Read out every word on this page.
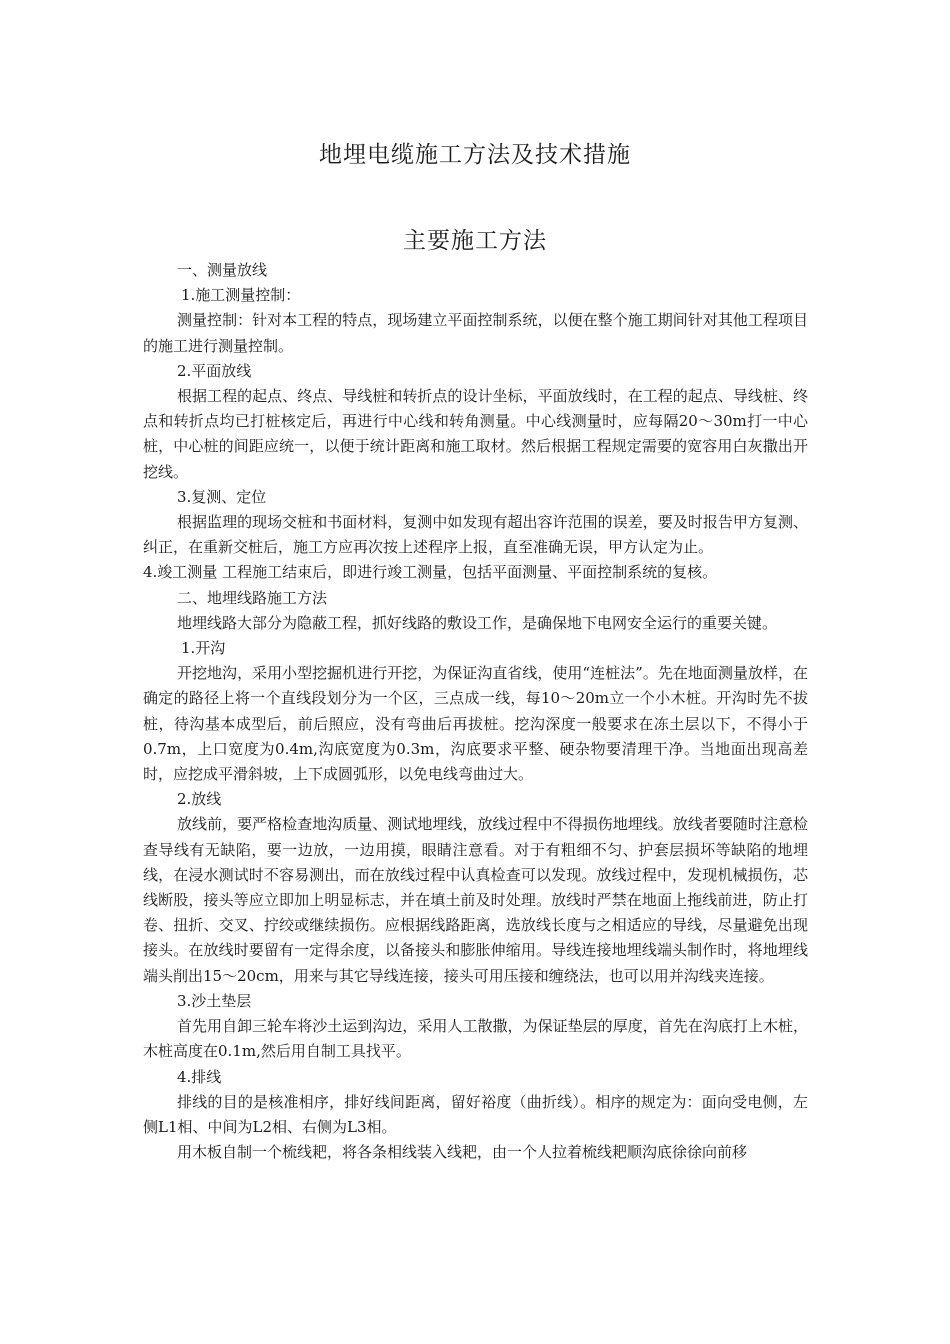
地埋电缆施工方法及技术措施
主要施工方法

一、测量放线

1.施工测量控制：

测量控制：针对本工程的特点，现场建立平面控制系统，以便在整个施工期间针对其他工程项目的施工进行测量控制。

2.平面放线

根据工程的起点、终点、导线桩和转折点的设计坐标，平面放线时，在工程的起点、导线桩、终点和转折点均已打桩核定后，再进行中心线和转角测量。中心线测量时，应每隔20～30m打一中心桩，中心桩的间距应统一，以便于统计距离和施工取材。然后根据工程规定需要的宽容用白灰撒出开挖线。

3.复测、定位

根据监理的现场交桩和书面材料，复测中如发现有超出容许范围的误差，要及时报告甲方复测、纠正，在重新交桩后，施工方应再次按上述程序上报，直至准确无误，甲方认定为止。

4.竣工测量 工程施工结束后，即进行竣工测量，包括平面测量、平面控制系统的复核。

二、地埋线路施工方法

地埋线路大部分为隐蔽工程，抓好线路的敷设工作，是确保地下电网安全运行的重要关键。

1.开沟

开挖地沟，采用小型挖掘机进行开挖，为保证沟直省线，使用“连桩法”。先在地面测量放样，在确定的路径上将一个直线段划分为一个区，三点成一线，每10～20m立一个小木桩。开沟时先不拔桩，待沟基本成型后，前后照应，没有弯曲后再拔桩。挖沟深度一般要求在冻土层以下，不得小于0.7m，上口宽度为0.4m,沟底宽度为0.3m，沟底要求平整、硬杂物要清理干净。当地面出现高差时，应挖成平滑斜坡，上下成圆弧形，以免电线弯曲过大。

2.放线

放线前，要严格检查地沟质量、测试地埋线，放线过程中不得损伤地埋线。放线者要随时注意检查导线有无缺陷，要一边放，一边用摸，眼睛注意看。对于有粗细不匀、护套层损坏等缺陷的地埋线，在浸水测试时不容易测出，而在放线过程中认真检查可以发现。放线过程中，发现机械损伤，芯线断股，接头等应立即加上明显标志，并在填土前及时处理。放线时严禁在地面上拖线前进，防止打卷、扭折、交叉、拧绞或继续损伤。应根据线路距离，选放线长度与之相适应的导线，尽量避免出现接头。在放线时要留有一定得余度，以备接头和膨胀伸缩用。导线连接地埋线端头制作时，将地埋线端头削出15～20cm，用来与其它导线连接，接头可用压接和缠绕法，也可以用并沟线夹连接。

3.沙土垫层

首先用自卸三轮车将沙土运到沟边，采用人工散撒，为保证垫层的厚度，首先在沟底打上木桩，木桩高度在0.1m,然后用自制工具找平。

4.排线

排线的目的是核准相序，排好线间距离，留好裕度（曲折线）。相序的规定为：面向受电侧，左侧L1相、中间为L2相、右侧为L3相。

用木板自制一个梳线耙，将各条相线装入线耙，由一个人拉着梳线耙顺沟底徐徐向前移
